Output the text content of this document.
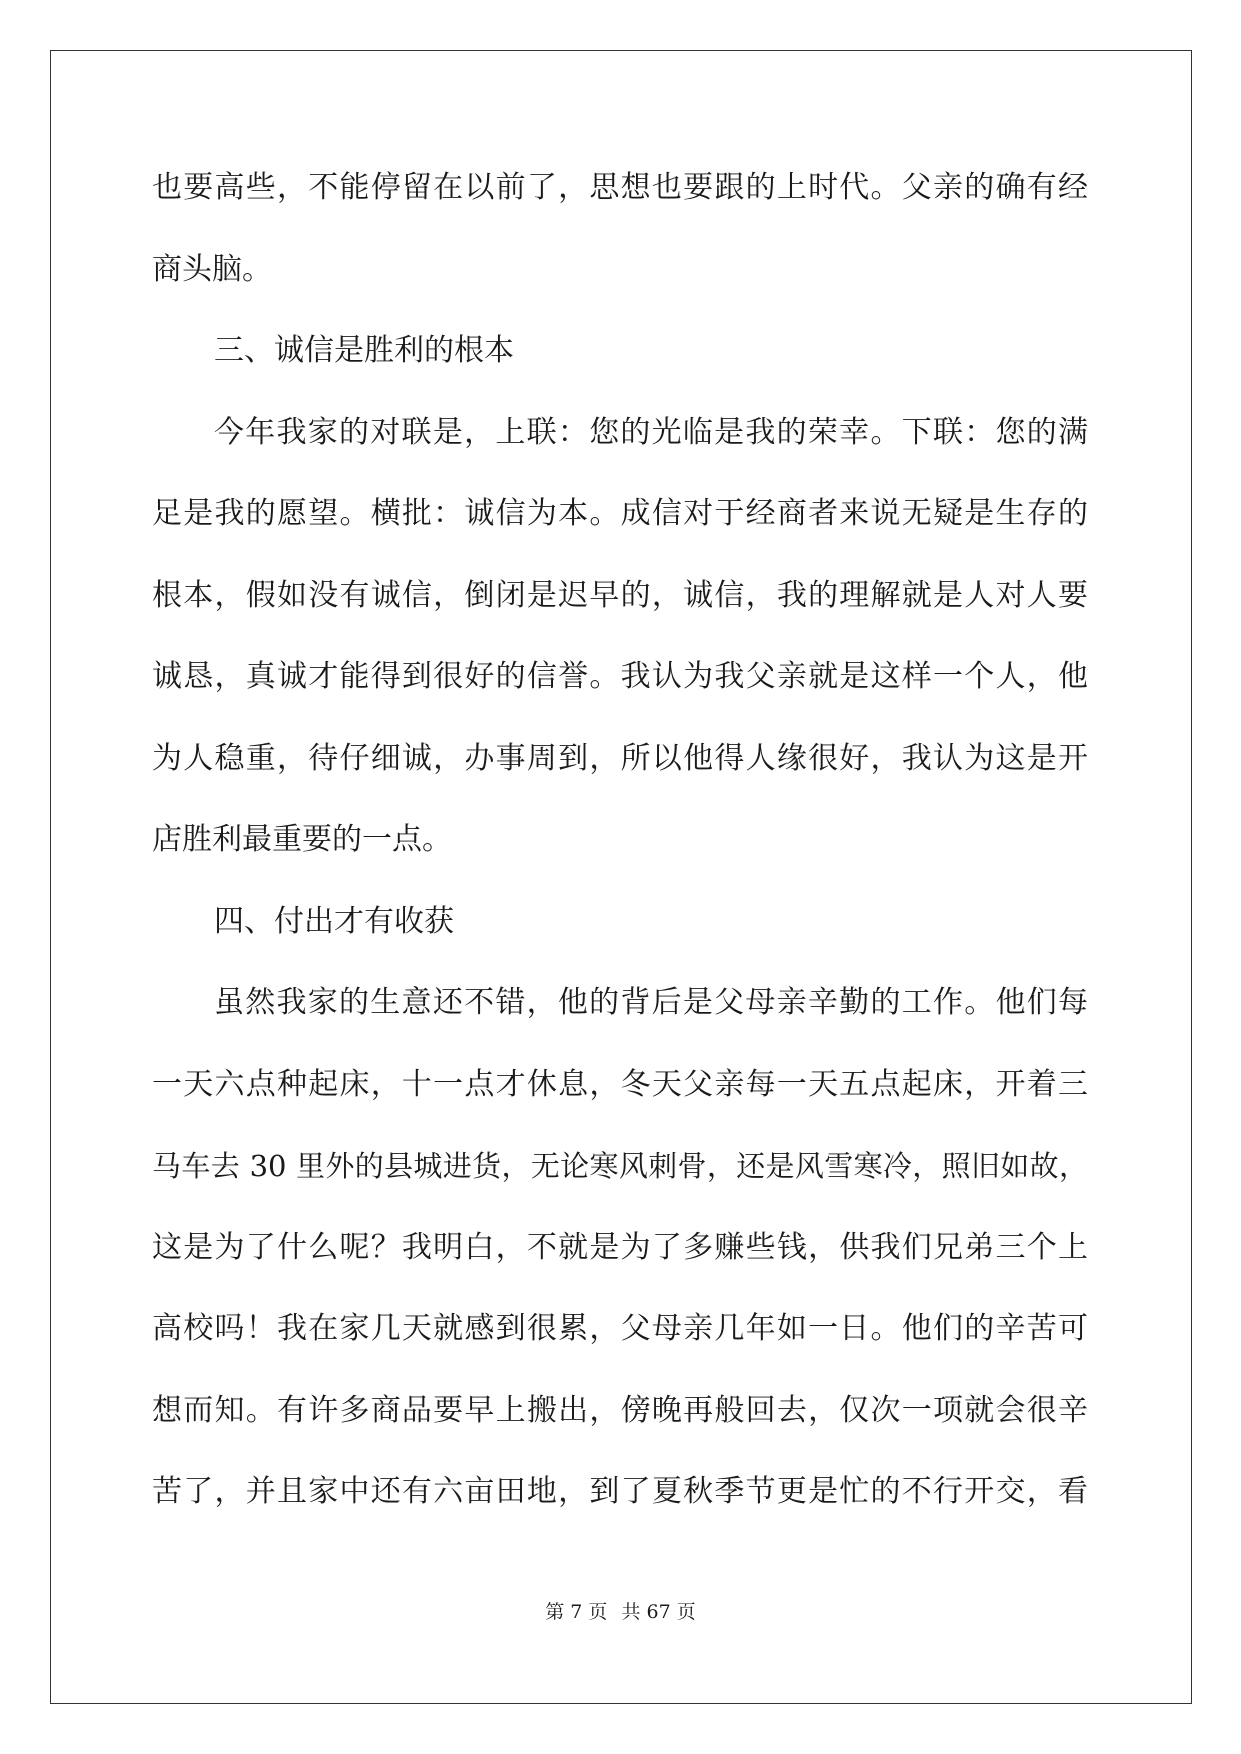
也要高些，不能停留在以前了，思想也要跟的上时代。父亲的确有经
商头脑。
三、诚信是胜利的根本
今年我家的对联是，上联：您的光临是我的荣幸。下联：您的满
足是我的愿望。横批：诚信为本。成信对于经商者来说无疑是生存的
根本，假如没有诚信，倒闭是迟早的，诚信，我的理解就是人对人要
诚恳，真诚才能得到很好的信誉。我认为我父亲就是这样一个人，他
为人稳重，待仔细诚，办事周到，所以他得人缘很好，我认为这是开
店胜利最重要的一点。
四、付出才有收获
虽然我家的生意还不错，他的背后是父母亲辛勤的工作。他们每
一天六点种起床，十一点才休息，冬天父亲每一天五点起床，开着三
马车去 30 里外的县城进货，无论寒风刺骨，还是风雪寒冷，照旧如故，
这是为了什么呢？我明白，不就是为了多赚些钱，供我们兄弟三个上
高校吗！我在家几天就感到很累，父母亲几年如一日。他们的辛苦可
想而知。有许多商品要早上搬出，傍晚再般回去，仅次一项就会很辛
苦了，并且家中还有六亩田地，到了夏秋季节更是忙的不行开交，看
第 7 页 共 67 页
